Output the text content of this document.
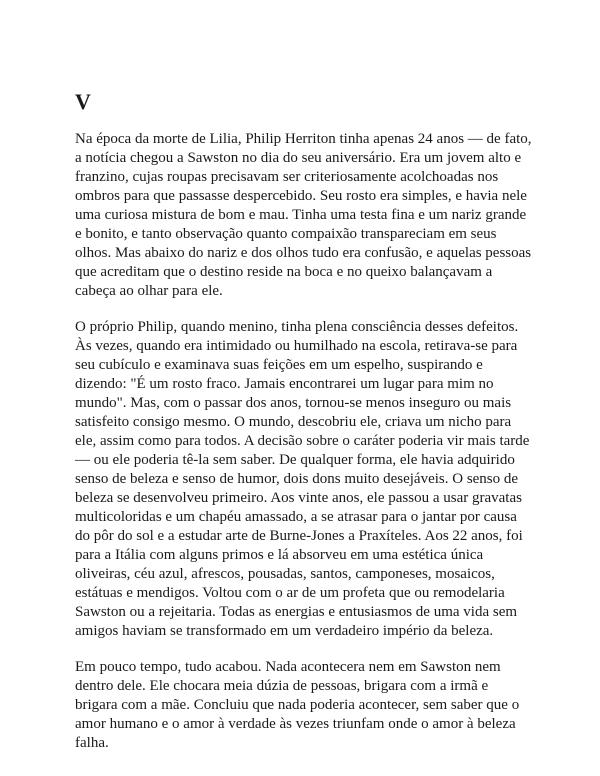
V

Na época da morte de Lilia, Philip Herriton tinha apenas 24 anos — de fato,
a notícia chegou a Sawston no dia do seu aniversário. Era um jovem alto e
franzino, cujas roupas precisavam ser criteriosamente acolchoadas nos
ombros para que passasse despercebido. Seu rosto era simples, e havia nele
uma curiosa mistura de bom e mau. Tinha uma testa fina e um nariz grande
e bonito, e tanto observação quanto compaixão transpareciam em seus
olhos. Mas abaixo do nariz e dos olhos tudo era confusão, e aquelas pessoas
que acreditam que o destino reside na boca e no queixo balançavam a
cabeça ao olhar para ele.

O próprio Philip, quando menino, tinha plena consciência desses defeitos.
Às vezes, quando era intimidado ou humilhado na escola, retirava-se para
seu cubículo e examinava suas feições em um espelho, suspirando e
dizendo: "É um rosto fraco. Jamais encontrarei um lugar para mim no
mundo". Mas, com o passar dos anos, tornou-se menos inseguro ou mais
satisfeito consigo mesmo. O mundo, descobriu ele, criava um nicho para
ele, assim como para todos. A decisão sobre o caráter poderia vir mais tarde
— ou ele poderia tê-la sem saber. De qualquer forma, ele havia adquirido
senso de beleza e senso de humor, dois dons muito desejáveis. O senso de
beleza se desenvolveu primeiro. Aos vinte anos, ele passou a usar gravatas
multicoloridas e um chapéu amassado, a se atrasar para o jantar por causa
do pôr do sol e a estudar arte de Burne-Jones a Praxíteles. Aos 22 anos, foi
para a Itália com alguns primos e lá absorveu em uma estética única
oliveiras, céu azul, afrescos, pousadas, santos, camponeses, mosaicos,
estátuas e mendigos. Voltou com o ar de um profeta que ou remodelaria
Sawston ou a rejeitaria. Todas as energias e entusiasmos de uma vida sem
amigos haviam se transformado em um verdadeiro império da beleza.

Em pouco tempo, tudo acabou. Nada acontecera nem em Sawston nem
dentro dele. Ele chocara meia dúzia de pessoas, brigara com a irmã e
brigara com a mãe. Concluiu que nada poderia acontecer, sem saber que o
amor humano e o amor à verdade às vezes triunfam onde o amor à beleza
falha.
